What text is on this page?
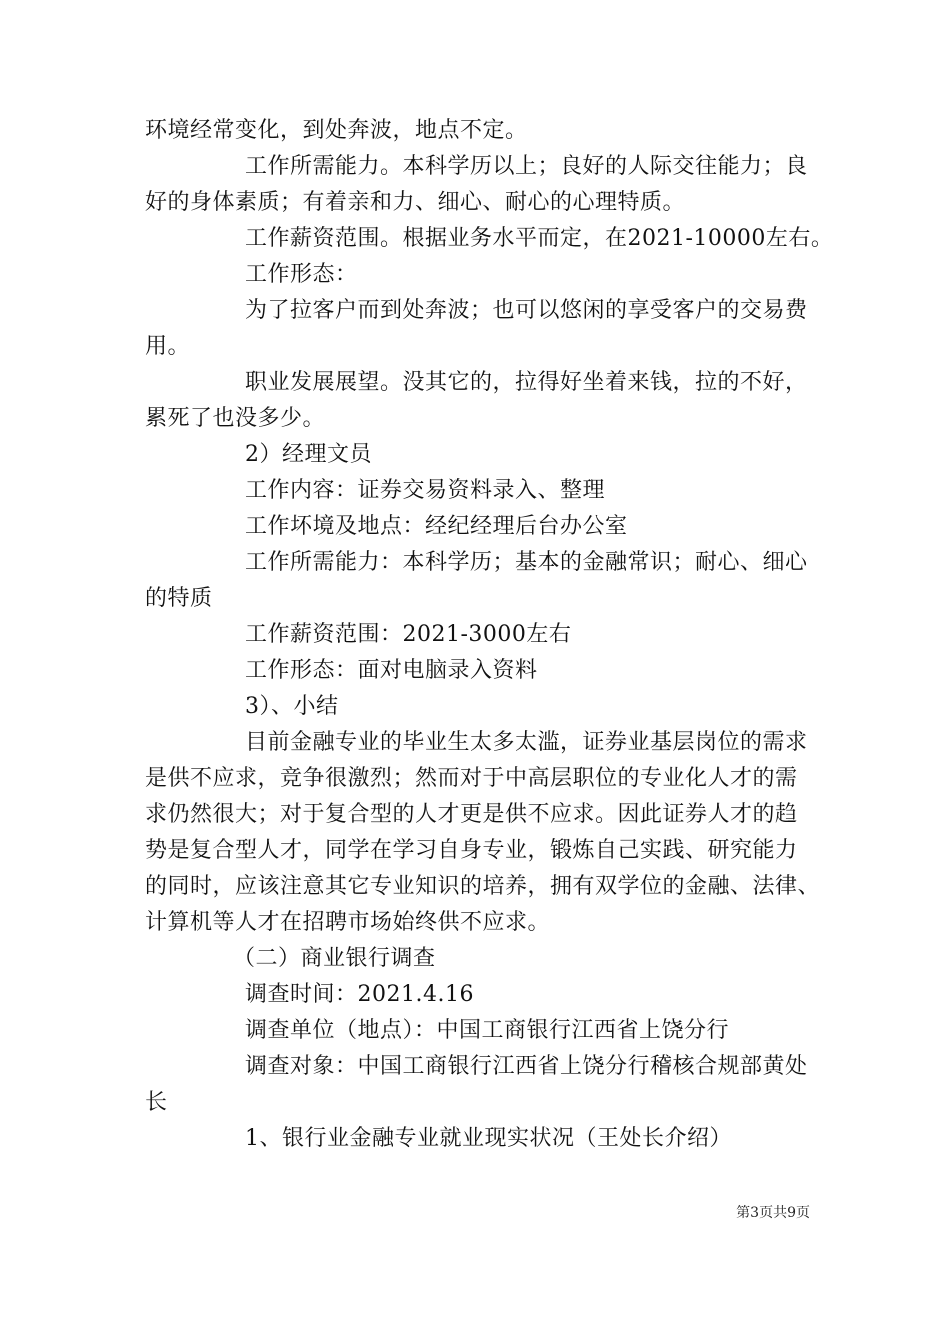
环境经常变化，到处奔波，地点不定。
工作所需能力。本科学历以上；良好的人际交往能力；良
好的身体素质；有着亲和力、细心、耐心的心理特质。
工作薪资范围。根据业务水平而定，在2021-10000左右。
工作形态：
为了拉客户而到处奔波；也可以悠闲的享受客户的交易费
用。
职业发展展望。没其它的，拉得好坐着来钱，拉的不好，
累死了也没多少。
2）经理文员
工作内容：证券交易资料录入、整理
工作坏境及地点：经纪经理后台办公室
工作所需能力：本科学历；基本的金融常识；耐心、细心
的特质
工作薪资范围：2021-3000左右
工作形态：面对电脑录入资料
3）、小结
目前金融专业的毕业生太多太滥，证券业基层岗位的需求
是供不应求，竞争很激烈；然而对于中高层职位的专业化人才的需
求仍然很大；对于复合型的人才更是供不应求。因此证券人才的趋
势是复合型人才，同学在学习自身专业，锻炼自己实践、研究能力
的同时，应该注意其它专业知识的培养，拥有双学位的金融、法律、
计算机等人才在招聘市场始终供不应求。
（二）商业银行调查
调查时间：2021.4.16
调查单位（地点）：中国工商银行江西省上饶分行
调查对象：中国工商银行江西省上饶分行稽核合规部黄处
长
1、银行业金融专业就业现实状况（王处长介绍）
第3页共9页
